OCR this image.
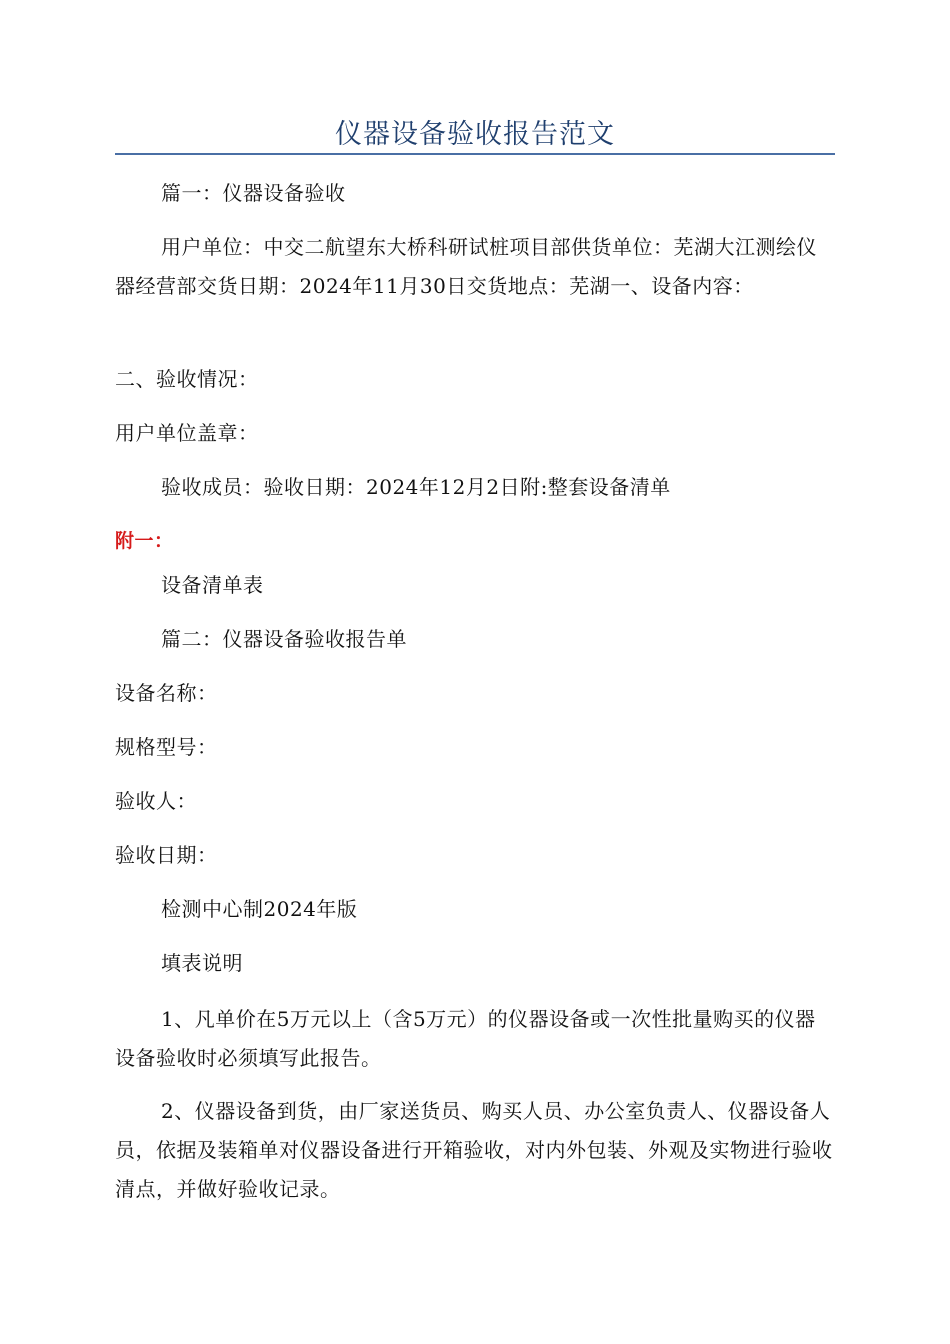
仪器设备验收报告范文

篇一：仪器设备验收

用户单位：中交二航望东大桥科研试桩项目部供货单位：芜湖大江测绘仪器经营部交货日期：2024年11月30日交货地点：芜湖一、设备内容：

二、验收情况：

用户单位盖章：

验收成员：验收日期：2024年12月2日附:整套设备清单

附一：

设备清单表

篇二：仪器设备验收报告单

设备名称：

规格型号：

验收人：

验收日期：

检测中心制2024年版

填表说明

1、凡单价在5万元以上（含5万元）的仪器设备或一次性批量购买的仪器设备验收时必须填写此报告。

2、仪器设备到货，由厂家送货员、购买人员、办公室负责人、仪器设备人员，依据及装箱单对仪器设备进行开箱验收，对内外包装、外观及实物进行验收清点，并做好验收记录。
